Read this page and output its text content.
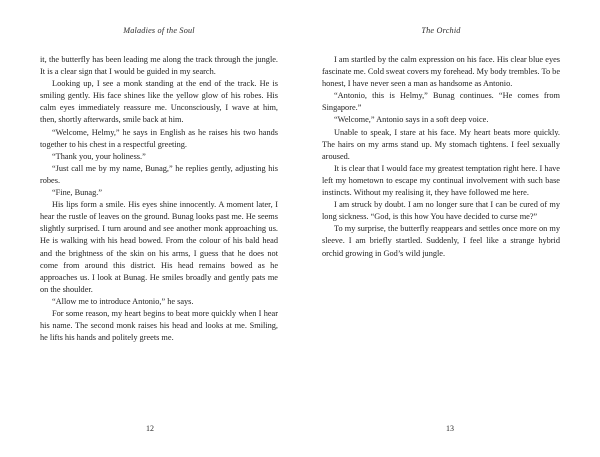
Maladies of the Soul

it, the butterfly has been leading me along the track through the jungle. It is a clear sign that I would be guided in my search.

Looking up, I see a monk standing at the end of the track. He is smiling gently. His face shines like the yellow glow of his robes. His calm eyes immediately reassure me. Unconsciously, I wave at him, then, shortly afterwards, smile back at him.

“Welcome, Helmy,” he says in English as he raises his two hands together to his chest in a respectful greeting.

“Thank you, your holiness.”

“Just call me by my name, Bunag,” he replies gently, adjusting his robes.

“Fine, Bunag.”

His lips form a smile. His eyes shine innocently. A moment later, I hear the rustle of leaves on the ground. Bunag looks past me. He seems slightly surprised. I turn around and see another monk approaching us. He is walking with his head bowed. From the colour of his bald head and the brightness of the skin on his arms, I guess that he does not come from around this district. His head remains bowed as he approaches us. I look at Bunag. He smiles broadly and gently pats me on the shoulder.

“Allow me to introduce Antonio,” he says.

For some reason, my heart begins to beat more quickly when I hear his name. The second monk raises his head and looks at me. Smiling, he lifts his hands and politely greets me.

12
The Orchid

I am startled by the calm expression on his face. His clear blue eyes fascinate me. Cold sweat covers my forehead. My body trembles. To be honest, I have never seen a man as handsome as Antonio.

“Antonio, this is Helmy,” Bunag continues. “He comes from Singapore.”

“Welcome,” Antonio says in a soft deep voice.

Unable to speak, I stare at his face. My heart beats more quickly. The hairs on my arms stand up. My stomach tightens. I feel sexually aroused.

It is clear that I would face my greatest temptation right here. I have left my hometown to escape my continual involvement with such base instincts. Without my realising it, they have followed me here.

I am struck by doubt. I am no longer sure that I can be cured of my long sickness. “God, is this how You have decided to curse me?”

To my surprise, the butterfly reappears and settles once more on my sleeve. I am briefly startled. Suddenly, I feel like a strange hybrid orchid growing in God’s wild jungle.

13
